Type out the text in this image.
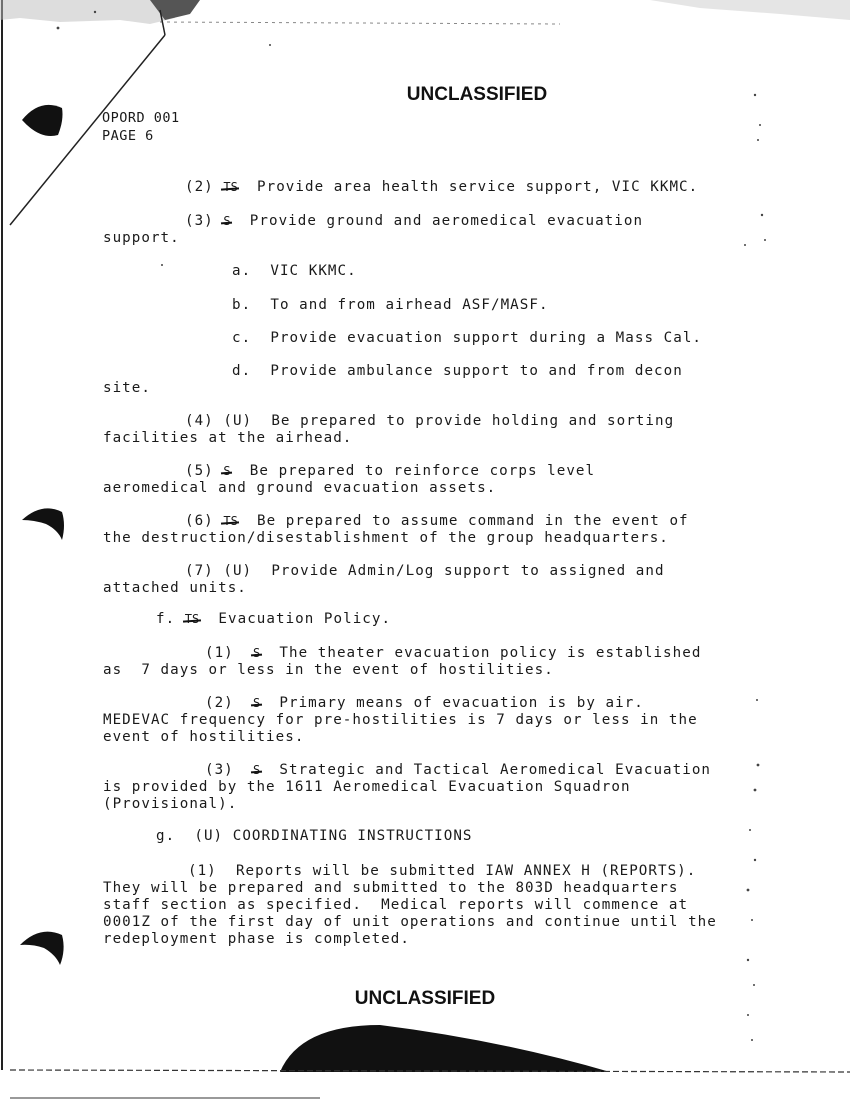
UNCLASSIFIED
OPORD 001
PAGE 6
(2) TS Provide area health service support, VIC KKMC.
(3) S Provide ground and aeromedical evacuation
support.
a. VIC KKMC.
b. To and from airhead ASF/MASF.
c. Provide evacuation support during a Mass Cal.
d. Provide ambulance support to and from decon
site.
(4) (U)  Be prepared to provide holding and sorting
facilities at the airhead.
(5) S Be prepared to reinforce corps level
aeromedical and ground evacuation assets.
(6) TS Be prepared to assume command in the event of
the destruction/disestablishment of the group headquarters.
(7) (U)  Provide Admin/Log support to assigned and
attached units.
f. TS Evacuation Policy.
(1) S The theater evacuation policy is established
as  7 days or less in the event of hostilities.
(2) S Primary means of evacuation is by air.
MEDEVAC frequency for pre-hostilities is 7 days or less in the
event of hostilities.
(3) S Strategic and Tactical Aeromedical Evacuation
is provided by the 1611 Aeromedical Evacuation Squadron
(Provisional).
g.  (U) COORDINATING INSTRUCTIONS
(1)  Reports will be submitted IAW ANNEX H (REPORTS).
They will be prepared and submitted to the 803D headquarters
staff section as specified.  Medical reports will commence at
0001Z of the first day of unit operations and continue until the
redeployment phase is completed.
UNCLASSIFIED
